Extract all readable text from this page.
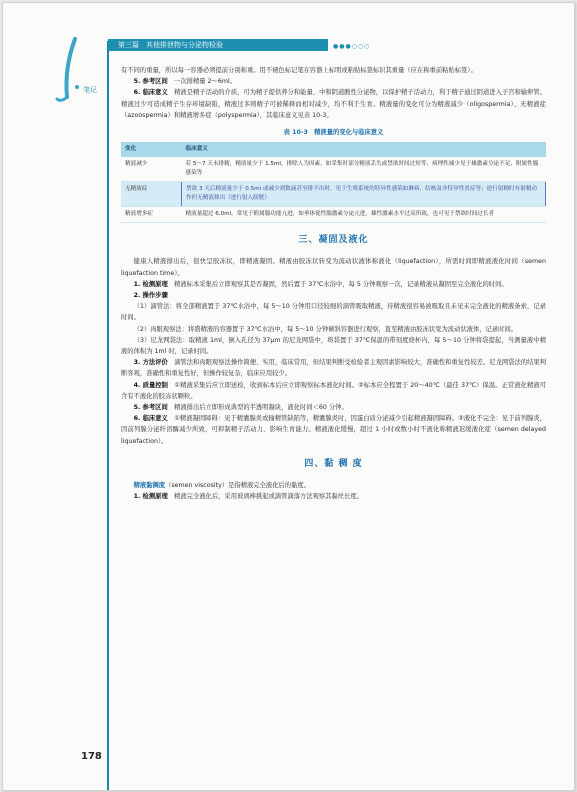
笔记
第三篇　其他排泄物与分泌物检验	●●●○○○

有不同的重量，所以每一容器必须提前分别称重。用不褪色标记笔在容器上标明或粘贴标签标识其重量（应在称重前粘贴标签）。

5. 参考区间　 一次排精量 2～6ml。

6. 临床意义　 精液是精子活动的介质，可为精子提供养分和能量、中和阴道酸性分泌物，以保护精子活动力，利于精子通过阴道进入子宫和输卵管。精液过少可造成精子生存环境缺陷，精液过多则精子可被稀释而相对减少，均不利于生育。精液量的变化可分为精液减少（oligospermia）、无精液症（azoospermia）和精液增多症（polyspermia），其临床意义见表 10-3。

表 10-3　精液量的变化与临床意义
变化	临床意义
精液减少	若 5～7 天未排精，精液量少于 1.5ml，排除人为因素，如采集时部分精液丢失或禁欲时间过短等，病理性减少见于雄激素分泌不足、附属性腺感染等
无精液症	禁欲 3 天后精液量少于 0.5ml 或减少到数滴甚至排不出时，见于生殖系统的特异性感染如淋病、结核及非特异性炎症等；逆行射精时有射精动作但无精液排出（进行射入膀胱）
精液增多症	精液量超过 6.0ml，常见于附属腺功能亢进，如垂体促性腺激素分泌亢进，雄性激素水平过高所致，也可见于禁欲时间过长者
三、凝固及液化

健康人精液排出后，很快呈胶冻状，即精液凝固。精液由胶冻状转变为流动状液体称液化（liquefaction），所需时间即精液液化时间（semen liquefaction time）。

1. 检测原理　 精液标本采集后立即观察其是否凝固，然后置于 37℃水浴中，每 5 分钟观察一次，记录精液从凝固至完全液化的时间。

2. 操作步骤

（1）滴管法：将全部精液置于 37℃水浴中，每 5～10 分钟用口径较细的滴管吸取精液，待精液很容易被吸取且未见未完全液化的精液条索，记录时间。

（2）肉眼观察法：将盛精液的容器置于 37℃水浴中，每 5～10 分钟倾斜容器进行观察，直至精液由胶冻状变为流动状液体，记录时间。

（3）尼龙网袋法：取精液 1ml，倒入孔径为 37μm 的尼龙网袋中，将袋置于 37℃保温的带刻度烧杯内，每 5～10 分钟将袋提起，当测量液中精液的体积为 1ml 时，记录时间。

3. 方法评价　 滴管法和肉眼观察法操作简便、实用，临床常用，但结果判断受检验者主观因素影响较大，准确性和重复性较差。尼龙网袋法的结果判断客观，准确性和重复性好，但操作较复杂，临床应用较少。

4. 质量控制　 ①精液采集后应立即送检，收到标本后应立即观察标本液化时间。②标本应全程置于 20～40℃（最佳 37℃）保温。正常液化精液可含有不液化的胶冻状颗粒。

5. 参考区间　 精液排出后立即形成典型的半透明凝块，液化时间＜60 分钟。

6. 临床意义　 ①精液凝固障碍：见于精囊腺炎或输精管缺陷等，精囊腺炎时，因蛋白质分泌减少引起精液凝固障碍。②液化不完全：见于前列腺炎，因前列腺分泌纤溶酶减少所致，可抑制精子活动力，影响生育能力。精液液化缓慢，超过 1 小时或数小时不液化称精液迟缓液化症（semen delayed liquefaction）。

四、黏 稠 度

精液黏稠度（semen viscosity）是指精液完全液化后的黏度。

1. 检测原理　 精液完全液化后，采用玻璃棒挑起或滴管滴落方法观察其黏丝长度。

178
